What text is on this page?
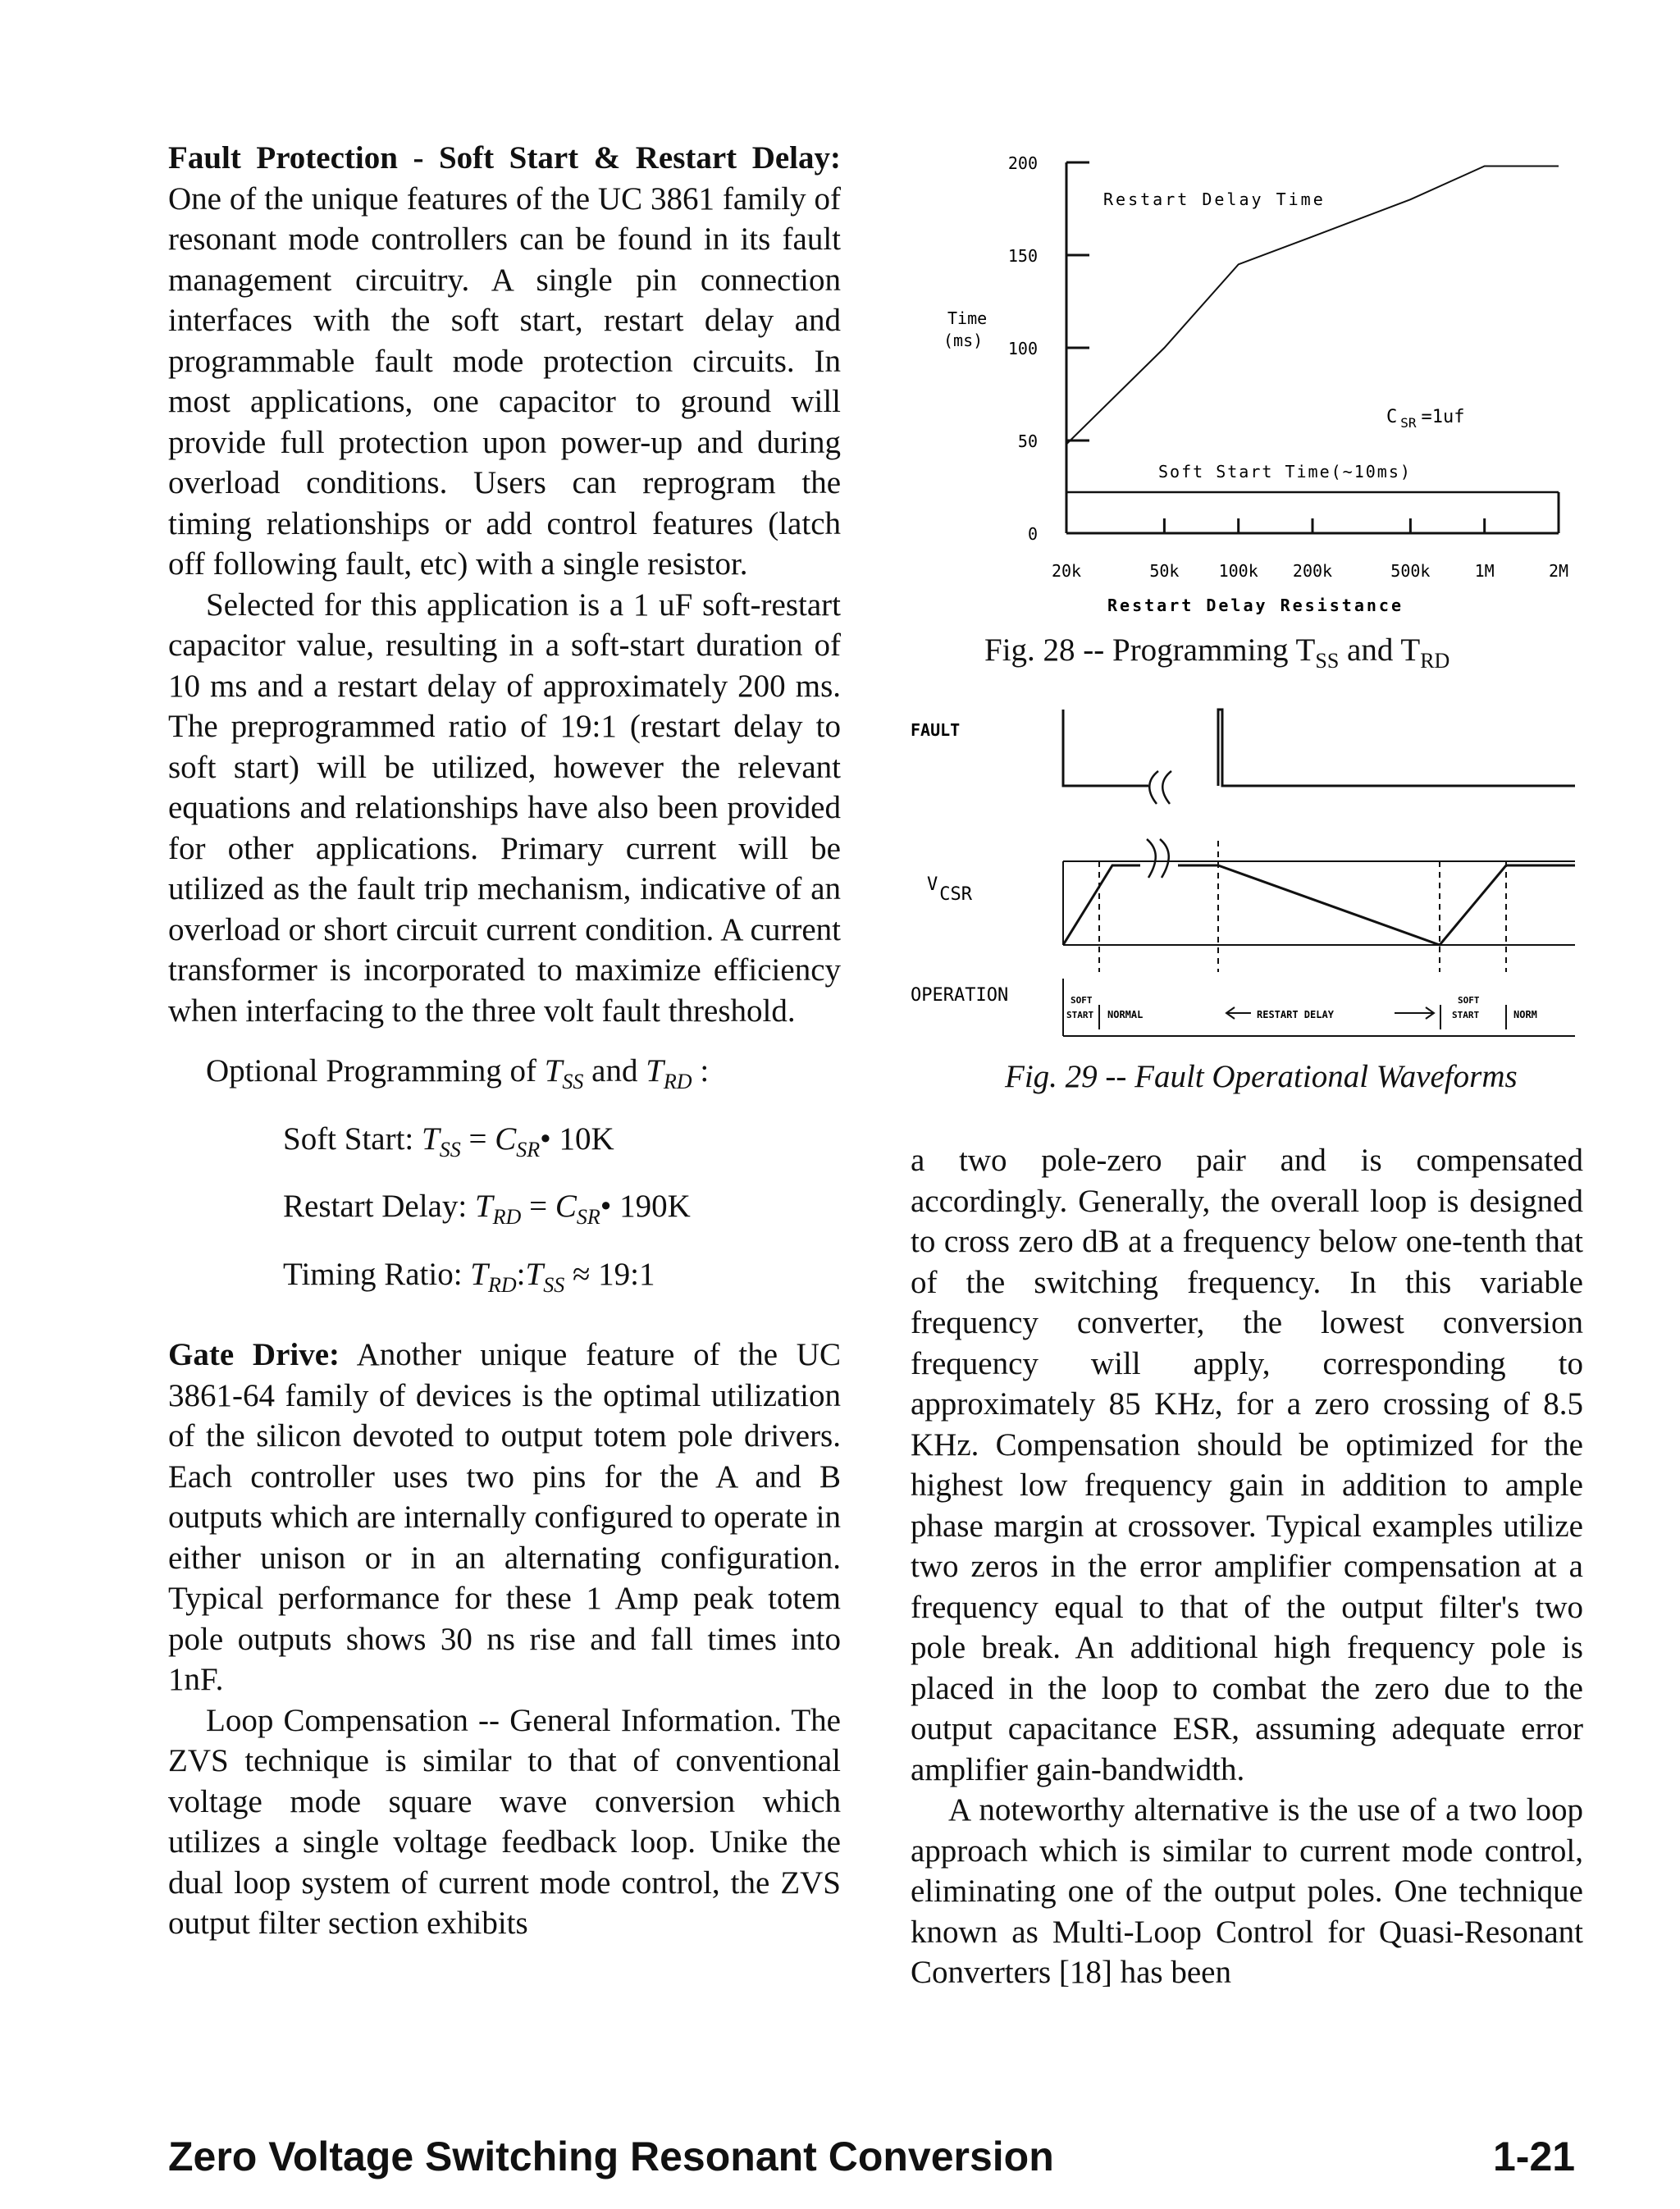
Fault Protection - Soft Start & Restart Delay: One of the unique features of the UC 3861 family of resonant mode controllers can be found in its fault management circuitry. A single pin connection interfaces with the soft start, restart delay and programmable fault mode protection circuits. In most applications, one capacitor to ground will provide full protection upon power-up and during overload conditions. Users can reprogram the timing relationships or add control features (latch off following fault, etc) with a single resistor.

Selected for this application is a 1 uF soft-restart capacitor value, resulting in a soft-start duration of 10 ms and a restart delay of approximately 200 ms. The preprogrammed ratio of 19:1 (restart delay to soft start) will be utilized, however the relevant equations and relationships have also been provided for other applications. Primary current will be utilized as the fault trip mechanism, indicative of an overload or short circuit current condition. A current transformer is incorporated to maximize efficiency when interfacing to the three volt fault threshold.

Optional Programming of $T_{SS}$ and $T_{RD}$ :
Soft Start: $T_{SS}$ = $C_{SR}•$ 10K
Restart Delay: $T_{RD}$ = $C_{SR}•$ 190K
Timing Ratio: $T_{RD}:T_{SS}$ ≈ 19:1

Gate Drive: Another unique feature of the UC 3861-64 family of devices is the optimal utilization of the silicon devoted to output totem pole drivers. Each controller uses two pins for the A and B outputs which are internally configured to operate in either unison or in an alternating configuration. Typical performance for these 1 Amp peak totem pole outputs shows 30 ns rise and fall times into 1nF.

Loop Compensation -- General Information. The ZVS technique is similar to that of conventional voltage mode square wave conversion which utilizes a single voltage feedback loop. Unike the dual loop system of current mode control, the ZVS output filter section exhibits

0
50
100
150
200
20k	50k 100k 200k	500k	1M	2M
Time
(ms)
Restart Delay Time
C $_{SR}$ =1uf
Soft Start Time(~10ms)
Restart Delay Resistance
Fig. 28 -- Programming $T_{SS}$ and $T_{RD}$
FAULT
VCSR
OPERATION	SOFT
START NORMAL	RESTART DELAY
SOFT
START	NORM
Fig. 29 -- Fault Operational Waveforms

a two pole-zero pair and is compensated accordingly. Generally, the overall loop is designed to cross zero dB at a frequency below one-tenth that of the switching frequency. In this variable frequency converter, the lowest conversion frequency will apply, corresponding to approximately 85 KHz, for a zero crossing of 8.5 KHz. Compensation should be optimized for the highest low frequency gain in addition to ample phase margin at crossover. Typical examples utilize two zeros in the error amplifier compensation at a frequency equal to that of the output filter's two pole break. An additional high frequency pole is placed in the loop to combat the zero due to the output capacitance ESR, assuming adequate error amplifier gain-bandwidth.

A noteworthy alternative is the use of a two loop approach which is similar to current mode control, eliminating one of the output poles. One technique known as Multi-Loop Control for Quasi-Resonant Converters [18] has been

Zero Voltage Switching Resonant Conversion	1-21
